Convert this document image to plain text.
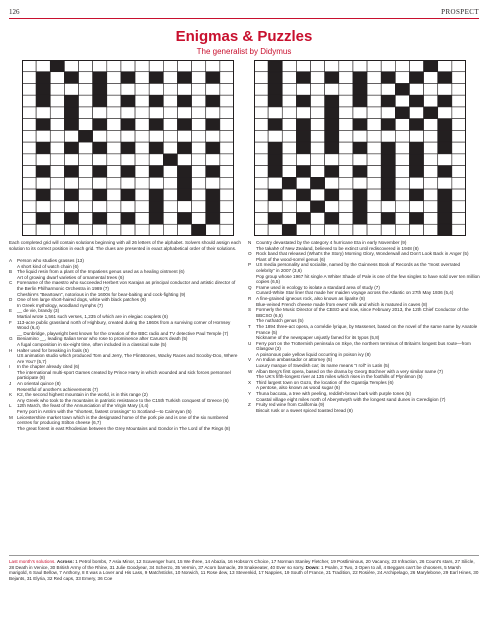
126	PROSPECT
Enigmas & Puzzles
The generalist by Didymus
Each completed grid will contain solutions beginning with all 26 letters of the alphabet. Solvers should assign each solution to its correct position in each grid. The clues are presented in exact alphabetical order of their solutions.
A	Person who studies grasses (13)
A short kind of watch chain (6)
B	The liquid resin from a plant of the Impatiens genus used as a healing ointment (6)
Art of growing dwarf varieties of ornamental trees (6)
C	Forename of the maestro who succeeded Herbert von Karajan as principal conductor and artistic director of the Berlin Philharmonic Orchestra in 1989 (7)
Cheshire's "Beartown", notorious in the 1600s for bear-baiting and cock-fighting (9)
D	One of ten large short-haired dogs, white with black patches (9)
In Greek mythology, woodland nymphs (7)
E	__ de vie, brandy (3)
Martial wrote 1,561 such verses, 1,235 of which are in elegiac couplets (6)
F	113-acre public grassland north of Highbury, created during the 1860s from a surviving corner of Hornsey Wood (6,4)
__ Dunbridge, playwright best known for the creation of the BBC radio and TV detective Paul Temple (7)
G Beniamino __, leading Italian tenor who rose to prominence after Caruso's death (5)
A fugal composition in six-eight time, often included in a classical suite (5)
H	Halter used for breaking in foals (5)
US animation studio which produced Tom and Jerry, The Flintstones, Wacky Races and Scooby-Doo, Where Are You? (5,7)
I	In the chapter already cited (6)
The international multi-sport Games created by Prince Harry in which wounded and sick forces personnel participate (8)
J	An oriental quince (8)
Resentful of another's achievements (7)
K	K2, the second highest mountain in the world, is in this range (2)
Any Greek who took to the mountains in patriotic resistance to the C15th Turkish conquest of Greece (6)
L	12th March, the feast of the Annunciation of the Virgin Mary (4,4)
Ferry port in Antrim with the "shortest, fastest crossings" to Scotland—to Cairnryan (5)
M Leicestershire market town which is the designated home of the pork pie and is one of the six numbered centres for producing Stilton cheese (6,7)
The great forest in east Rhodesian between the Grey Mountains and Gondor in The Lord of the Rings (8)
N	Country devastated by the category 4 hurricane Eta in early November (9)
The takahē of New Zealand, believed to be extinct until rediscovered in 1948 (8)
O Rock band that released (What's the Story) Morning Glory, Wonderwall and Don't Look Back in Anger (5)
Plant of the wood-sorrel genus (6)
P	US media personality and socialite, named by the Guinness Book of Records as the "most overrated celebrity" in 2007 (3,6)
Pop group whose 1967 hit single A Whiter Shade of Pale is one of the few singles to have sold over ten million copies (6,5)
Q Frame used in ecology to isolate a standard area of study (7)
Cunard-White Star liner that made her maiden voyage across the Atlantic on 27th May 1936 (5,4)
R	A fine-grained igneous rock, also known as liparite (8)
Blue-veined French cheese made from ewes' milk and which is matured in caves (8)
S	Formerly the Music Director of the CBSO and now, since February 2013, the 12th Chief Conductor of the BBCSO (6,5)
The nuthatch genus (5)
T	The 1894 three-act opera, a comédie lyrique, by Massenet, based on the novel of the same name by Anatole France (5)
Nickname of the newspaper unjustly famed for its typos (5,8)
U	Ferry port on the Trotternish peninsula on Skye, the northern terminus of Britain's longest bus route—from Glasgow (3)
A poisonous pale yellow liquid occurring in poison ivy (8)
V	An Indian ambassador or attorney (5)
Luxury marque of Swedish car; its name means "I roll" in Latin (5)
W Alban Berg's first opera, based on the drama by Georg Büchner with a very similar name (7)
The UK's fifth-longest river at 135 miles which rises in the foothills of Plynlimon (5)
X	Third largest town on Gozo, the location of the Ggantija Temples (6)
A pentose, also known as wood sugar (6)
Y	Thuna baccata, a tree with peeling, reddish-brown bark with purple tones (5)
Coastal village eight miles north of Aberystwyth with the longest sand dunes in Ceredigion (7)
Z	Fruity red wine from California (9)
Biscuit rusk or a sweet spiced toasted bread (8)
Last month's solutions. Across: 1 Petrol bombs, 7 Asia Minor, 12 Scavenger hunt, 15 We three, 14 Abazia, 16 Hobson's Choice, 17 Norman Stanley Fletcher, 19 Postliminous, 20 Vacancy, 23 Infraction, 26 Count's stars, 27 Silicle, 28 Death in Venice, 30 British Army of the Rhine, 31 Julie Goodyear, 34 Scherzo, 35 Vermin, 37 Acorn barnacle, 39 Snakeeater, 40 Ever so sorry. Down: 1 Psalm, 2 Two, 3 Open to all, 4 Beggars can't be choosers, 5 Marsh marigold, 6 Saul Bellow, 7 Anthony, 8 It was a Lover and His Lass, 9 Matchsticks, 10 Norwich, 11 Rose dew, 13 Stevenkid, 17 Nappies, 19 South of France, 21 Tradition, 22 Rosière, 24 Archipelago, 26 Marylebone, 29 Earl Hines, 30 Bejants, 31 Elyria, 32 Red caps, 33 Emery, 36 Coe
